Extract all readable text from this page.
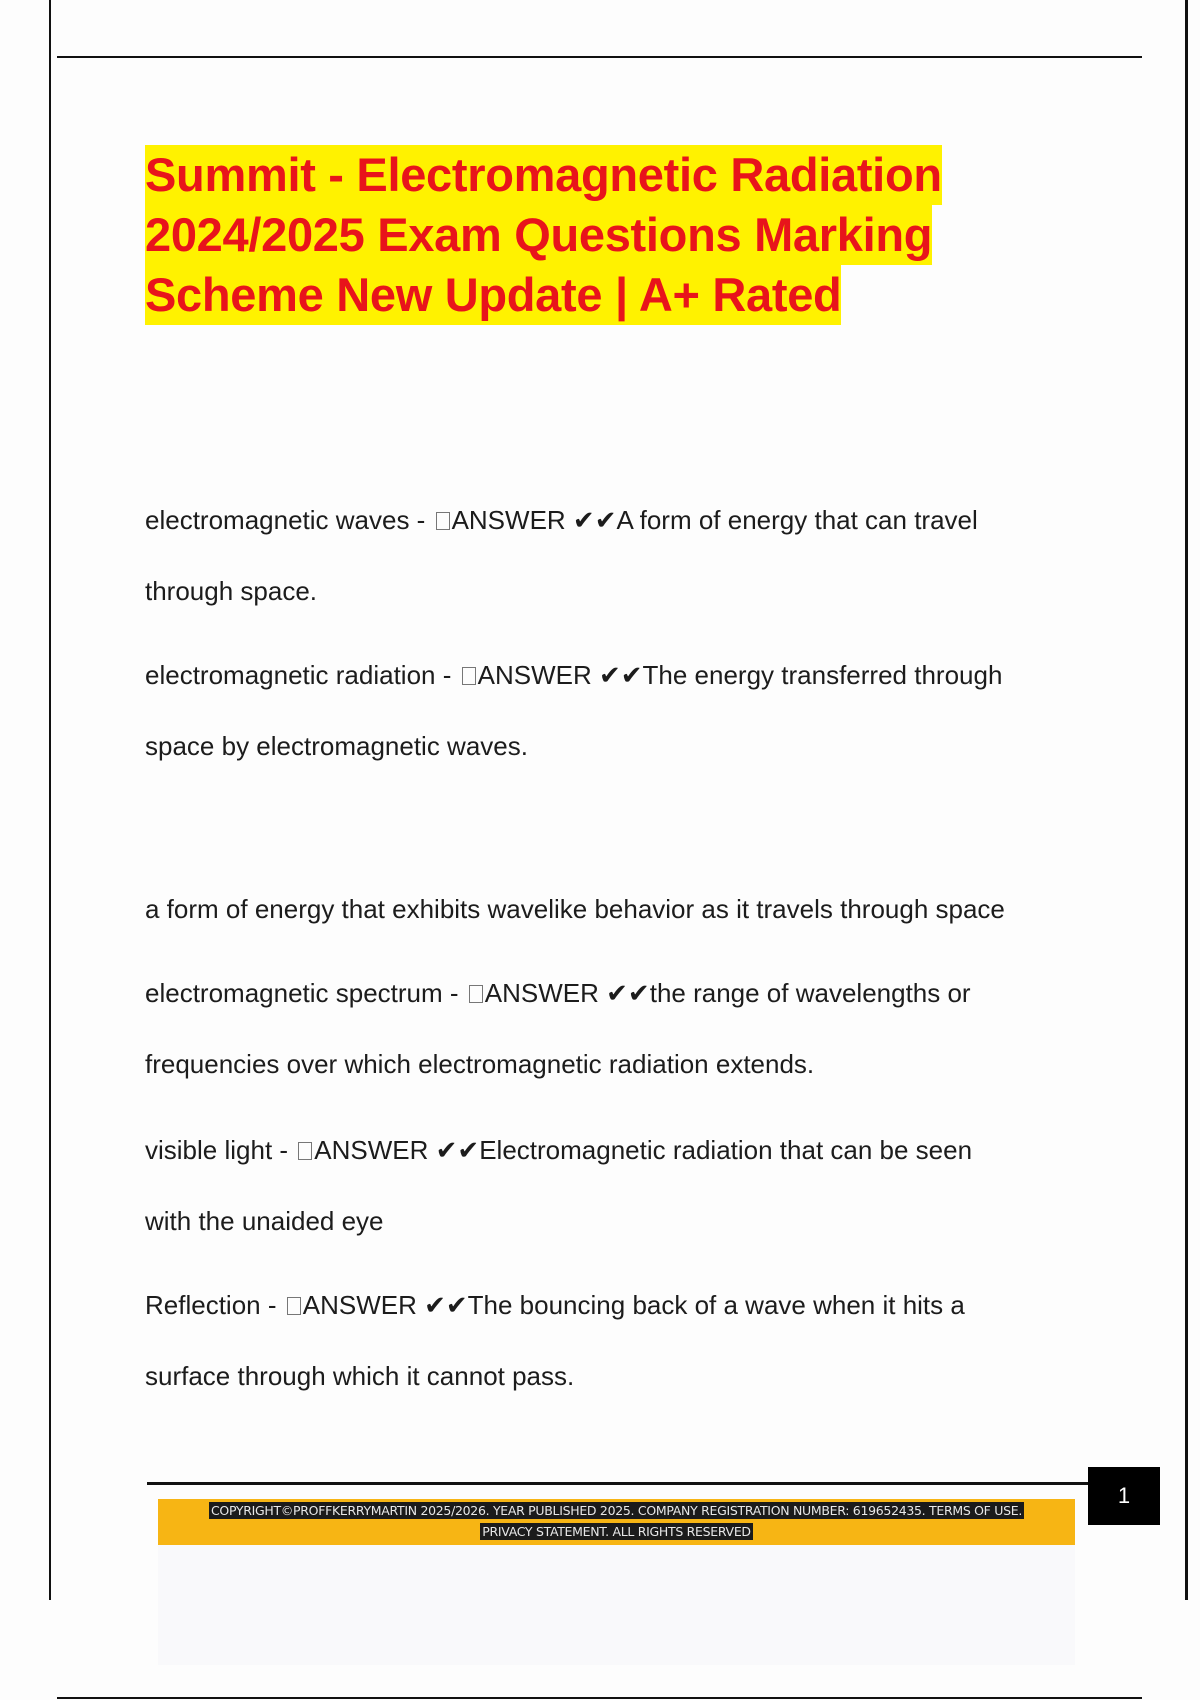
Summit - Electromagnetic Radiation
2024/2025 Exam Questions Marking
Scheme New Update | A+ Rated
electromagnetic waves - ANSWER ✔✔A form of energy that can travel
through space.
electromagnetic radiation - ANSWER ✔✔The energy transferred through
space by electromagnetic waves.
a form of energy that exhibits wavelike behavior as it travels through space
electromagnetic spectrum - ANSWER ✔✔the range of wavelengths or
frequencies over which electromagnetic radiation extends.
visible light - ANSWER ✔✔Electromagnetic radiation that can be seen
with the unaided eye
Reflection - ANSWER ✔✔The bouncing back of a wave when it hits a
surface through which it cannot pass.
1
COPYRIGHT©PROFFKERRYMARTIN 2025/2026. YEAR PUBLISHED 2025. COMPANY REGISTRATION NUMBER: 619652435. TERMS OF USE.
PRIVACY STATEMENT. ALL RIGHTS RESERVED
